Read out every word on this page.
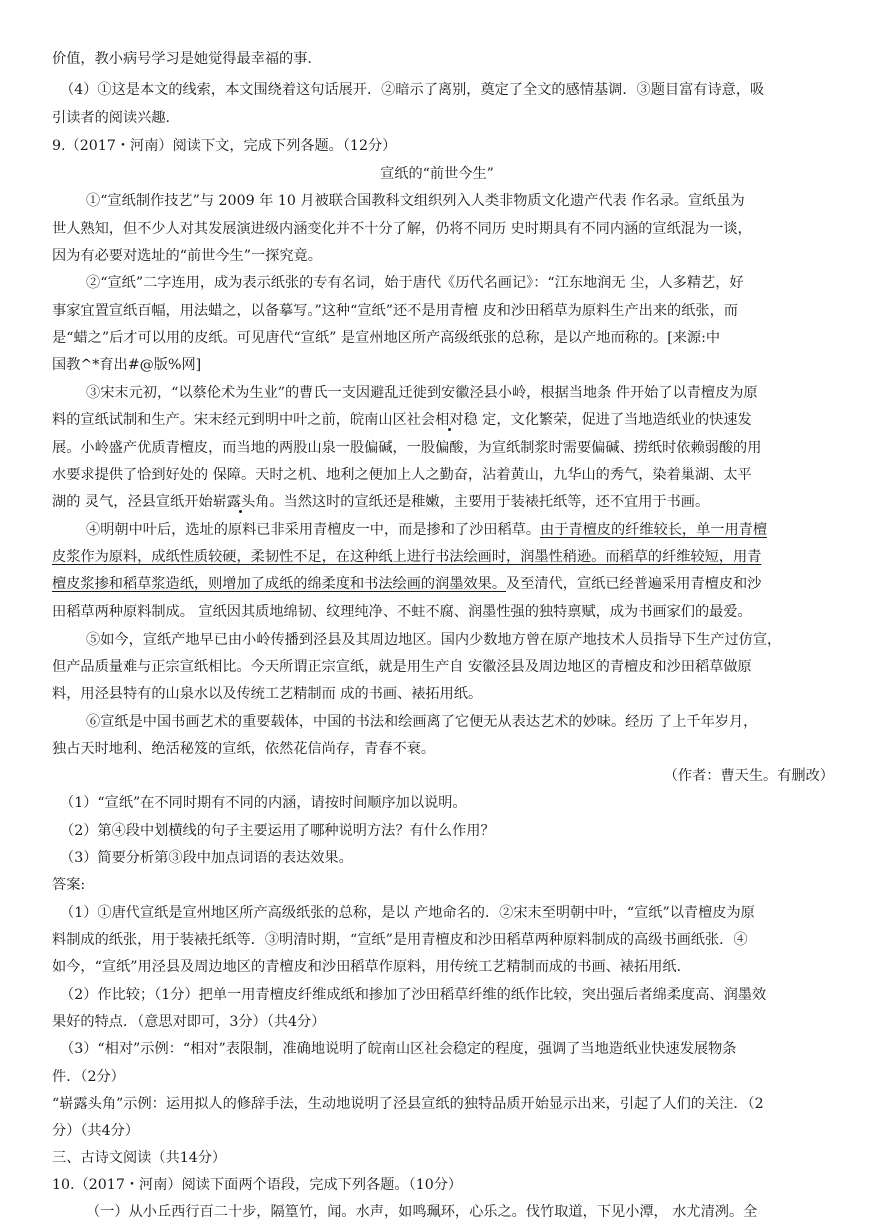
价值，教小病号学习是她觉得最幸福的事.
（4）①这是本文的线索，本文围绕着这句话展开．②暗示了离别，奠定了全文的感情基调．③题目富有诗意，吸
引读者的阅读兴趣.
9.（2017・河南）阅读下文，完成下列各题。（12分）
宣纸的“前世今生”
①“宣纸制作技艺”与 2009 年 10 月被联合国教科文组织列入人类非物质文化遗产代表 作名录。宣纸虽为
世人熟知，但不少人对其发展演进级内涵变化并不十分了解，仍将不同历 史时期具有不同内涵的宣纸混为一谈，
因为有必要对选址的“前世今生”一探究竟。
②“宣纸”二字连用，成为表示纸张的专有名词，始于唐代《历代名画记》：“江东地润无 尘，人多精艺，好
事家宜置宣纸百幅，用法蜡之，以备摹写。”这种“宣纸”还不是用青檀 皮和沙田稻草为原料生产出来的纸张，而
是“蜡之”后才可以用的皮纸。可见唐代“宣纸” 是宣州地区所产高级纸张的总称，是以产地而称的。[来源:中
国教^*育出#@版%网]
③宋末元初，“以蔡伦术为生业”的曹氏一支因避乱迁徙到安徽泾县小岭，根据当地条 件开始了以青檀皮为原
料的宣纸试制和生产。宋末经元到明中叶之前，皖南山区社会相对稳 定，文化繁荣，促进了当地造纸业的快速发
展。小岭盛产优质青檀皮，而当地的两股山泉一股偏碱，一股偏酸，为宣纸制浆时需要偏碱、捞纸时依赖弱酸的用
水要求提供了恰到好处的 保障。天时之机、地利之便加上人之勤奋，沾着黄山，九华山的秀气，染着巢湖、太平
湖的 灵气，泾县宣纸开始崭露头角。当然这时的宣纸还是稚嫩，主要用于装裱托纸等，还不宜用于书画。
④明朝中叶后，选址的原料已非采用青檀皮一中，而是掺和了沙田稻草。由于青檀皮的纤维较长，单一用青檀
皮浆作为原料，成纸性质较硬，柔韧性不足，在这种纸上进行书法绘画时，润墨性稍逊。而稻草的纤维较短，用青
檀皮浆掺和稻草浆造纸，则增加了成纸的绵柔度和书法绘画的润墨效果。及至清代，宣纸已经普遍采用青檀皮和沙
田稻草两种原料制成。 宣纸因其质地绵韧、纹理纯净、不蛀不腐、润墨性强的独特禀赋，成为书画家们的最爱。
⑤如今，宣纸产地早已由小岭传播到泾县及其周边地区。国内少数地方曾在原产地技术人员指导下生产过仿宣，
但产品质量难与正宗宣纸相比。今天所谓正宗宣纸，就是用生产自 安徽泾县及周边地区的青檀皮和沙田稻草做原
料，用泾县特有的山泉水以及传统工艺精制而 成的书画、裱拓用纸。
⑥宣纸是中国书画艺术的重要载体，中国的书法和绘画离了它便无从表达艺术的妙味。经历 了上千年岁月，
独占天时地利、绝活秘笈的宣纸，依然花信尚存，青春不衰。
（作者：曹天生。有删改）
（1）“宣纸”在不同时期有不同的内涵，请按时间顺序加以说明。
（2）第④段中划横线的句子主要运用了哪种说明方法？有什么作用？
（3）简要分析第③段中加点词语的表达效果。
答案:
（1）①唐代宣纸是宣州地区所产高级纸张的总称，是以 产地命名的．②宋末至明朝中叶，“宣纸”以青檀皮为原
料制成的纸张，用于装裱托纸等．③明清时期，“宣纸”是用青檀皮和沙田稻草两种原料制成的高级书画纸张．④
如今，“宣纸”用泾县及周边地区的青檀皮和沙田稻草作原料，用传统工艺精制而成的书画、裱拓用纸．
（2）作比较；（1分）把单一用青檀皮纤维成纸和掺加了沙田稻草纤维的纸作比较，突出强后者绵柔度高、润墨效
果好的特点．（意思对即可，3分）（共4分）
（3）“相对”示例：“相对”表限制，准确地说明了皖南山区社会稳定的程度，强调了当地造纸业快速发展物条
件．（2分）
“崭露头角”示例：运用拟人的修辞手法，生动地说明了泾县宣纸的独特品质开始显示出来，引起了人们的关注．（2
分）（共4分）
三、古诗文阅读（共14分）
10.（2017・河南）阅读下面两个语段，完成下列各题。（10分）
（一）从小丘西行百二十步，隔篁竹，闻。水声，如鸣珮环，心乐之。伐竹取道，下见小潭， 水尤清冽。全
